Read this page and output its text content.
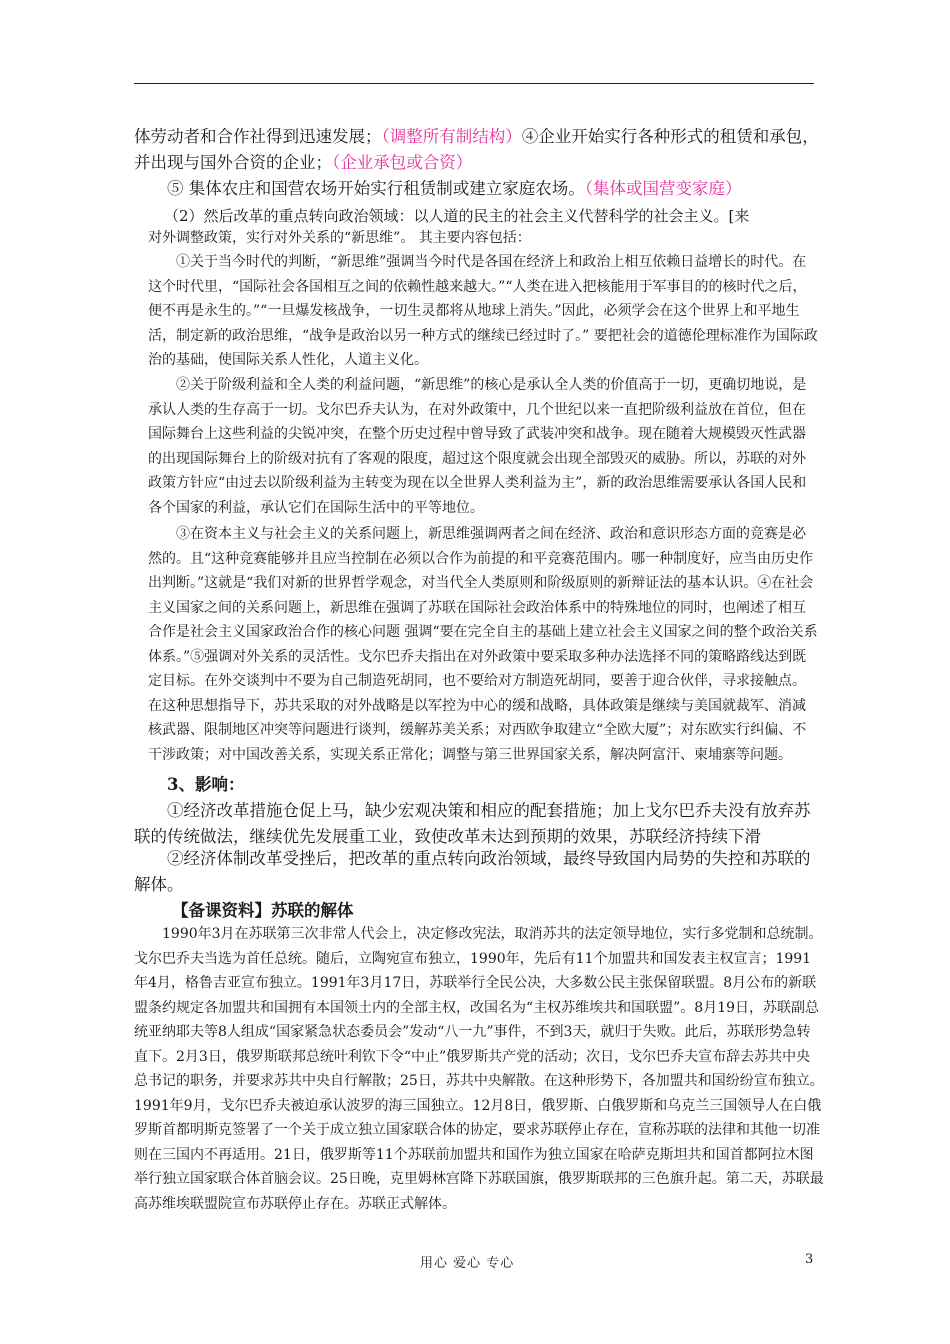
体劳动者和合作社得到迅速发展；（调整所有制结构）④企业开始实行各种形式的租赁和承包，

并出现与国外合资的企业；（企业承包或合资）

⑤ 集体农庄和国营农场开始实行租赁制或建立家庭农场。（集体或国营变家庭）
（2）然后改革的重点转向政治领域：以人道的民主的社会主义代替科学的社会主义。[来
对外调整政策，实行对外关系的“新思维”。 其主要内容包括：
①关于当今时代的判断，“新思维”强调当今时代是各国在经济上和政治上相互依赖日益增长的时代。在这个时代里，“国际社会各国相互之间的依赖性越来越大。”“人类在进入把核能用于军事目的的核时代之后，便不再是永生的。”“一旦爆发核战争，一切生灵都将从地球上消失。”因此，必须学会在这个世界上和平地生活，制定新的政治思维，“战争是政治以另一种方式的继续已经过时了。” 要把社会的道德伦理标准作为国际政治的基础，使国际关系人性化，人道主义化。
②关于阶级利益和全人类的利益问题，“新思维”的核心是承认全人类的价值高于一切，更确切地说，是承认人类的生存高于一切。戈尔巴乔夫认为，在对外政策中，几个世纪以来一直把阶级利益放在首位，但在国际舞台上这些利益的尖锐冲突，在整个历史过程中曾导致了武装冲突和战争。现在随着大规模毁灭性武器的出现国际舞台上的阶级对抗有了客观的限度，超过这个限度就会出现全部毁灭的威胁。所以，苏联的对外政策方针应“由过去以阶级利益为主转变为现在以全世界人类利益为主”，新的政治思维需要承认各国人民和各个国家的利益，承认它们在国际生活中的平等地位。
③在资本主义与社会主义的关系问题上，新思维强调两者之间在经济、政治和意识形态方面的竞赛是必然的。且“这种竞赛能够并且应当控制在必须以合作为前提的和平竞赛范围内。哪一种制度好，应当由历史作出判断。”这就是“我们对新的世界哲学观念，对当代全人类原则和阶级原则的新辩证法的基本认识。④在社会主义国家之间的关系问题上，新思维在强调了苏联在国际社会政治体系中的特殊地位的同时，也阐述了相互合作是社会主义国家政治合作的核心问题 强调“要在完全自主的基础上建立社会主义国家之间的整个政治关系体系。”⑤强调对外关系的灵活性。戈尔巴乔夫指出在对外政策中要采取多种办法选择不同的策略路线达到既定目标。在外交谈判中不要为自己制造死胡同，也不要给对方制造死胡同，要善于迎合伙伴，寻求接触点。在这种思想指导下，苏共采取的对外战略是以军控为中心的缓和战略，具体政策是继续与美国就裁军、消减核武器、限制地区冲突等问题进行谈判，缓解苏美关系；对西欧争取建立“全欧大厦”；对东欧实行纠偏、不干涉政策；对中国改善关系，实现关系正常化；调整与第三世界国家关系，解决阿富汗、柬埔寨等问题。
3、影响：
①经济改革措施仓促上马，缺少宏观决策和相应的配套措施；加上戈尔巴乔夫没有放弃苏联的传统做法，继续优先发展重工业，致使改革未达到预期的效果，苏联经济持续下滑
②经济体制改革受挫后，把改革的重点转向政治领域，最终导致国内局势的失控和苏联的解体。
【备课资料】苏联的解体
1990年3月在苏联第三次非常人代会上，决定修改宪法，取消苏共的法定领导地位，实行多党制和总统制。戈尔巴乔夫当选为首任总统。随后，立陶宛宣布独立，1990年，先后有11个加盟共和国发表主权宣言；1991年4月，格鲁吉亚宣布独立。1991年3月17日，苏联举行全民公决，大多数公民主张保留联盟。8月公布的新联盟条约规定各加盟共和国拥有本国领土内的全部主权，改国名为“主权苏维埃共和国联盟”。8月19日，苏联副总统亚纳耶夫等8人组成“国家紧急状态委员会”发动“八一九”事件，不到3天，就归于失败。此后，苏联形势急转直下。2月3日，俄罗斯联邦总统叶利钦下令“中止”俄罗斯共产党的活动；次日，戈尔巴乔夫宣布辞去苏共中央总书记的职务，并要求苏共中央自行解散；25日，苏共中央解散。在这种形势下，各加盟共和国纷纷宣布独立。1991年9月，戈尔巴乔夫被迫承认波罗的海三国独立。12月8日，俄罗斯、白俄罗斯和乌克兰三国领导人在白俄罗斯首都明斯克签署了一个关于成立独立国家联合体的协定，要求苏联停止存在，宣称苏联的法律和其他一切准则在三国内不再适用。21日，俄罗斯等11个苏联前加盟共和国作为独立国家在哈萨克斯坦共和国首都阿拉木图举行独立国家联合体首脑会议。25日晚，克里姆林宫降下苏联国旗，俄罗斯联邦的三色旗升起。第二天，苏联最高苏维埃联盟院宣布苏联停止存在。苏联正式解体。
用心 爱心 专心	3
